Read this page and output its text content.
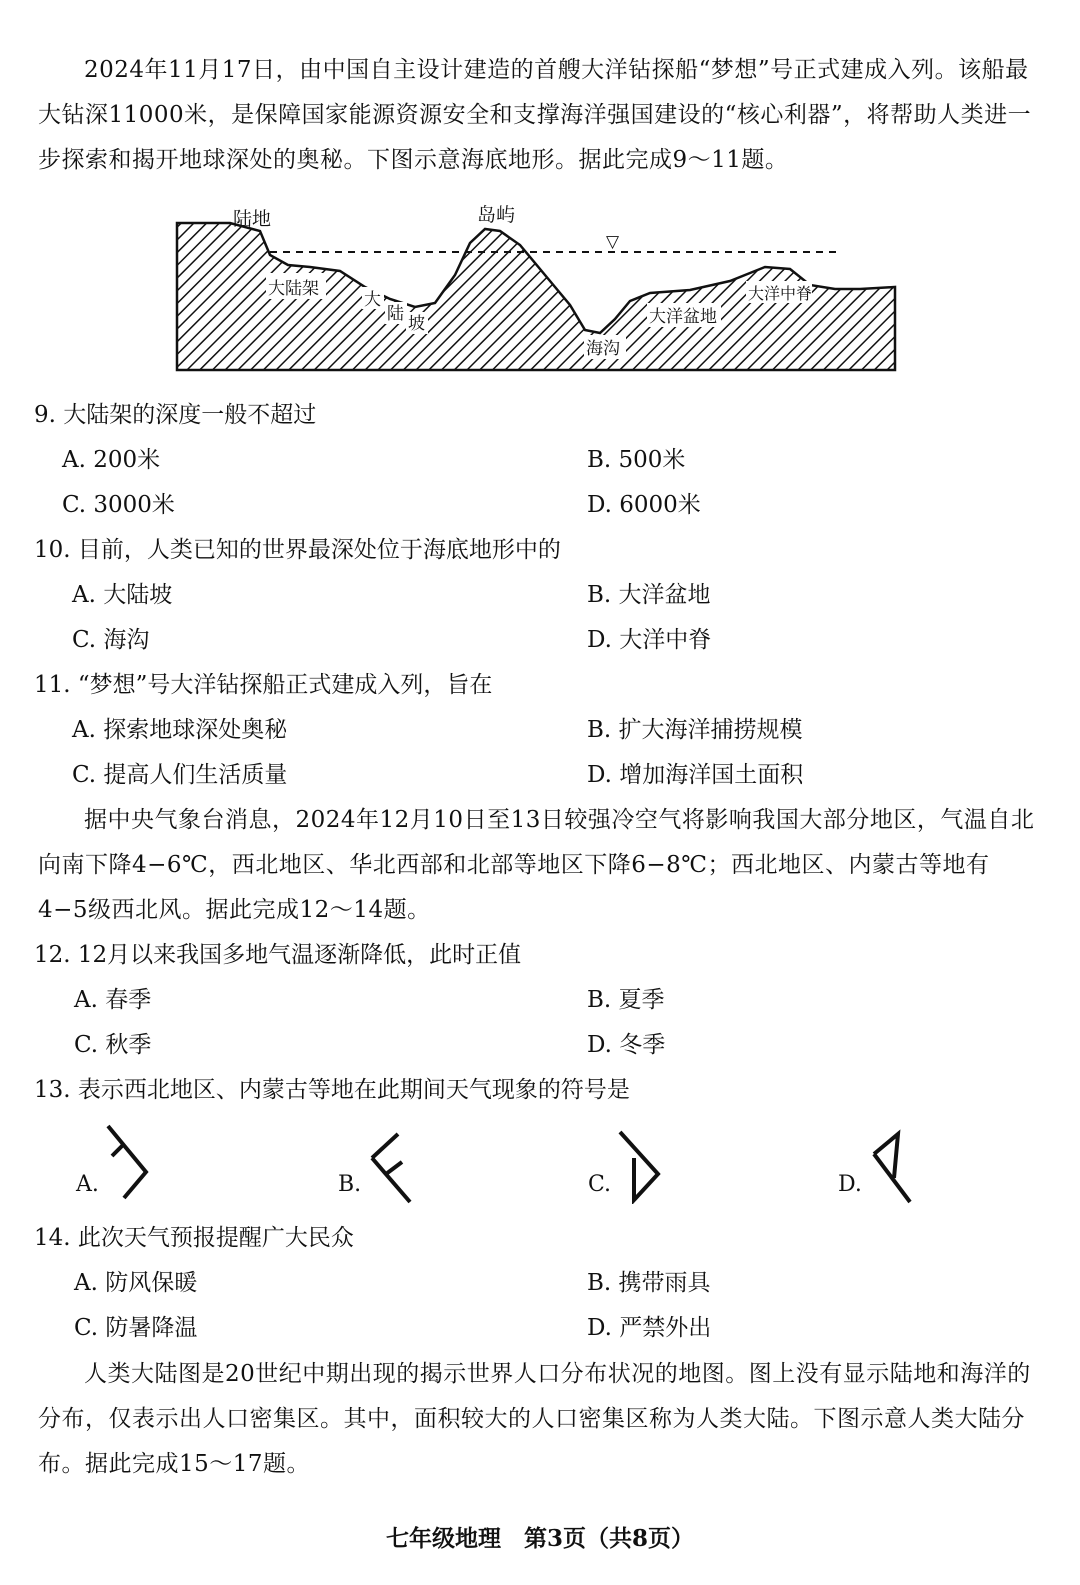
2024年11月17日，由中国自主设计建造的首艘大洋钻探船“梦想”号正式建成入列。该船最大钻深11000米，是保障国家能源资源安全和支撑海洋强国建设的“核心利器”，将帮助人类进一步探索和揭开地球深处的奥秘。下图示意海底地形。据此完成9～11题。

大陆架
大
陆 坡
海沟
大洋盆地
大洋中脊
陆地	岛屿
▽
9. 大陆架的深度一般不超过
A. 200米	B. 500米
C. 3000米	D. 6000米
10. 目前，人类已知的世界最深处位于海底地形中的
A. 大陆坡	B. 大洋盆地
C. 海沟	D. 大洋中脊
11. “梦想”号大洋钻探船正式建成入列，旨在
A. 探索地球深处奥秘	B. 扩大海洋捕捞规模
C. 提高人们生活质量	D. 增加海洋国土面积

据中央气象台消息，2024年12月10日至13日较强冷空气将影响我国大部分地区，气温自北向南下降4−6℃，西北地区、华北西部和北部等地区下降6−8℃；西北地区、内蒙古等地有4−5级西北风。据此完成12～14题。

12. 12月以来我国多地气温逐渐降低，此时正值
A. 春季	B. 夏季
C. 秋季	D. 冬季
13. 表示西北地区、内蒙古等地在此期间天气现象的符号是
A.	B.	C.	D.
14. 此次天气预报提醒广大民众
A. 防风保暖	B. 携带雨具
C. 防暑降温	D. 严禁外出

人类大陆图是20世纪中期出现的揭示世界人口分布状况的地图。图上没有显示陆地和海洋的分布，仅表示出人口密集区。其中，面积较大的人口密集区称为人类大陆。下图示意人类大陆分布。据此完成15～17题。

七年级地理　第3页（共8页）
